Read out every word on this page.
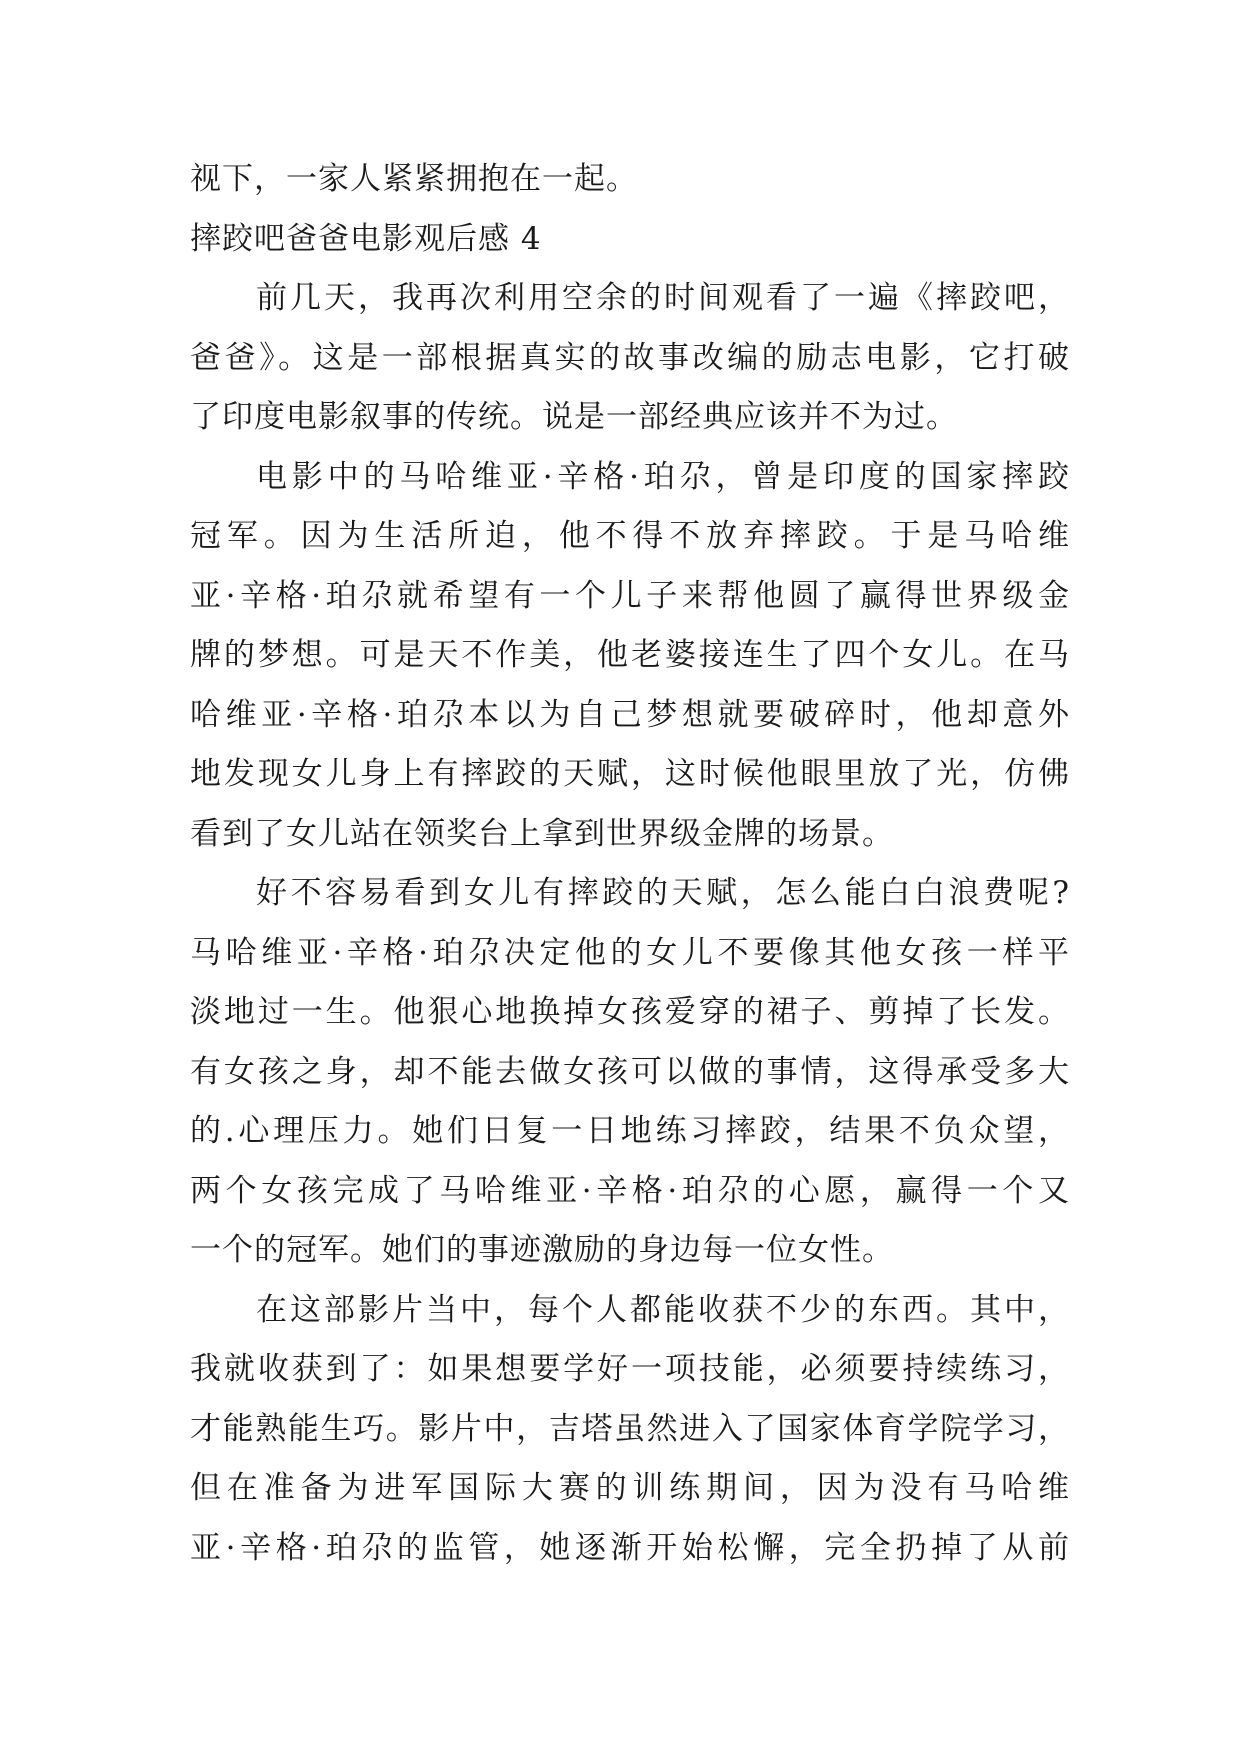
视下，一家人紧紧拥抱在一起。
摔跤吧爸爸电影观后感 4
前几天，我再次利用空余的时间观看了一遍《摔跤吧，
爸爸》。这是一部根据真实的故事改编的励志电影，它打破
了印度电影叙事的传统。说是一部经典应该并不为过。
电影中的马哈维亚·辛格·珀尕，曾是印度的国家摔跤
冠军。因为生活所迫，他不得不放弃摔跤。于是马哈维
亚·辛格·珀尕就希望有一个儿子来帮他圆了赢得世界级金
牌的梦想。可是天不作美，他老婆接连生了四个女儿。在马
哈维亚·辛格·珀尕本以为自己梦想就要破碎时，他却意外
地发现女儿身上有摔跤的天赋，这时候他眼里放了光，仿佛
看到了女儿站在领奖台上拿到世界级金牌的场景。
好不容易看到女儿有摔跤的天赋，怎么能白白浪费呢?
马哈维亚·辛格·珀尕决定他的女儿不要像其他女孩一样平
淡地过一生。他狠心地换掉女孩爱穿的裙子、剪掉了长发。
有女孩之身，却不能去做女孩可以做的事情，这得承受多大
的.心理压力。她们日复一日地练习摔跤，结果不负众望，
两个女孩完成了马哈维亚·辛格·珀尕的心愿，赢得一个又
一个的冠军。她们的事迹激励的身边每一位女性。
在这部影片当中，每个人都能收获不少的东西。其中，
我就收获到了：如果想要学好一项技能，必须要持续练习，
才能熟能生巧。影片中，吉塔虽然进入了国家体育学院学习，
但在准备为进军国际大赛的训练期间，因为没有马哈维
亚·辛格·珀尕的监管，她逐渐开始松懈，完全扔掉了从前
